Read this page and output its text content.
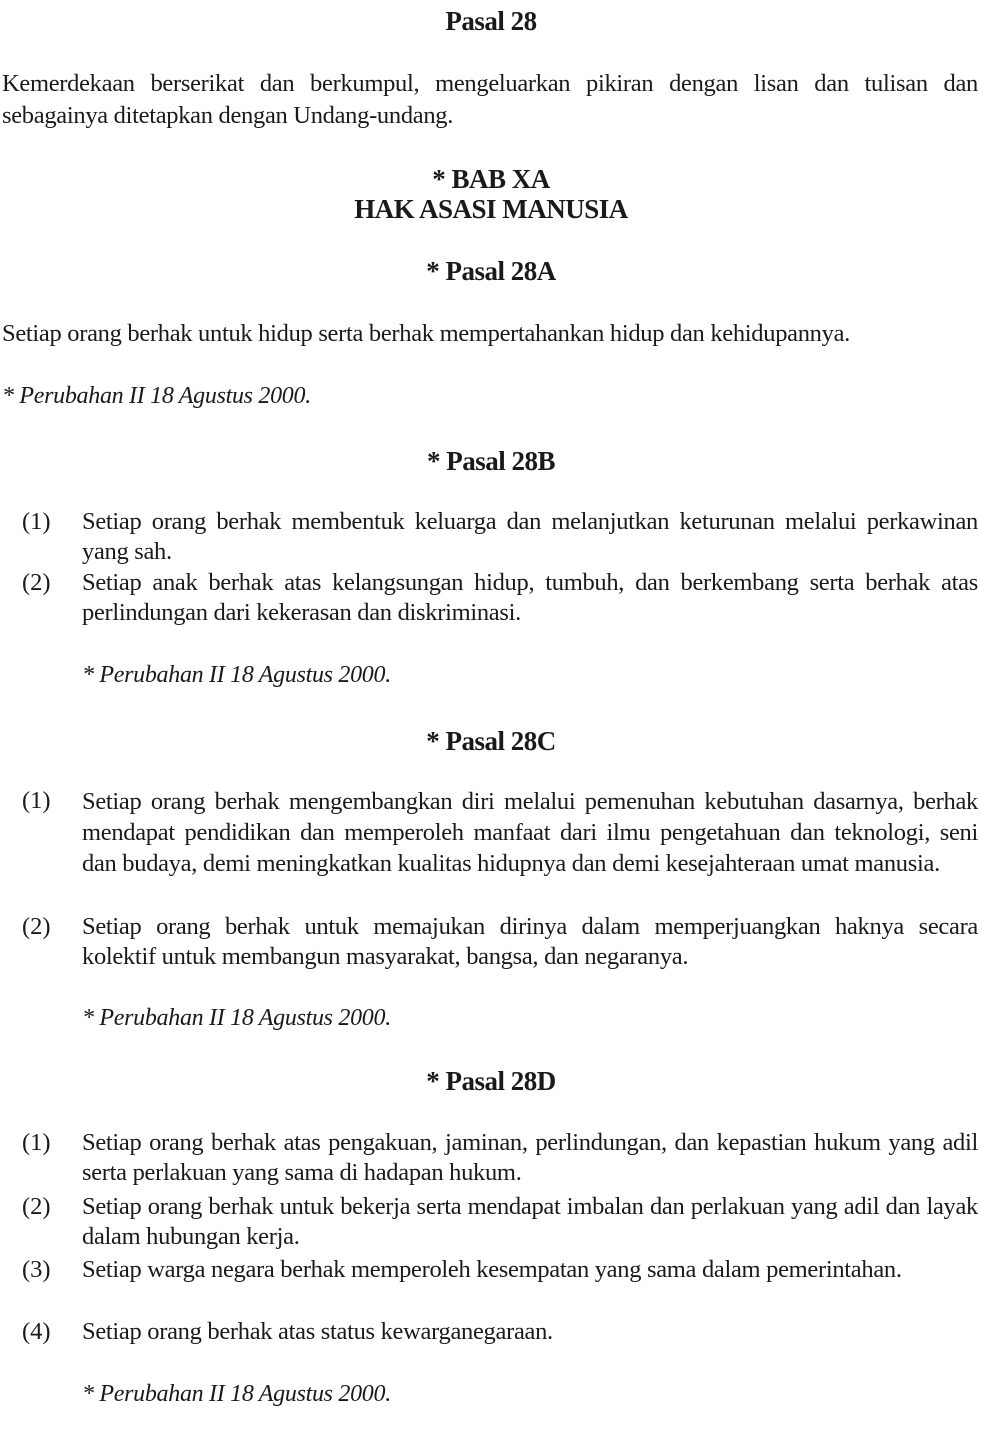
Pasal 28
Kemerdekaan berserikat dan berkumpul, mengeluarkan pikiran dengan lisan dan tulisan dan sebagainya ditetapkan dengan Undang-undang.
* BAB XA
HAK ASASI MANUSIA
* Pasal 28A
Setiap orang berhak untuk hidup serta berhak mempertahankan hidup dan kehidupannya.
* Perubahan II 18 Agustus 2000.
* Pasal 28B
(1) Setiap orang berhak membentuk keluarga dan melanjutkan keturunan melalui perkawinan yang sah.
(2) Setiap anak berhak atas kelangsungan hidup, tumbuh, dan berkembang serta berhak atas perlindungan dari kekerasan dan diskriminasi.
* Perubahan II 18 Agustus 2000.
* Pasal 28C
(1) Setiap orang berhak mengembangkan diri melalui pemenuhan kebutuhan dasarnya, berhak mendapat pendidikan dan memperoleh manfaat dari ilmu pengetahuan dan teknologi, seni dan budaya, demi meningkatkan kualitas hidupnya dan demi kesejahteraan umat manusia.
(2) Setiap orang berhak untuk memajukan dirinya dalam memperjuangkan haknya secara kolektif untuk membangun masyarakat, bangsa, dan negaranya.
* Perubahan II 18 Agustus 2000.
* Pasal 28D
(1) Setiap orang berhak atas pengakuan, jaminan, perlindungan, dan kepastian hukum yang adil serta perlakuan yang sama di hadapan hukum.
(2) Setiap orang berhak untuk bekerja serta mendapat imbalan dan perlakuan yang adil dan layak dalam hubungan kerja.
(3) Setiap warga negara berhak memperoleh kesempatan yang sama dalam pemerintahan.
(4) Setiap orang berhak atas status kewarganegaraan.
* Perubahan II 18 Agustus 2000.
